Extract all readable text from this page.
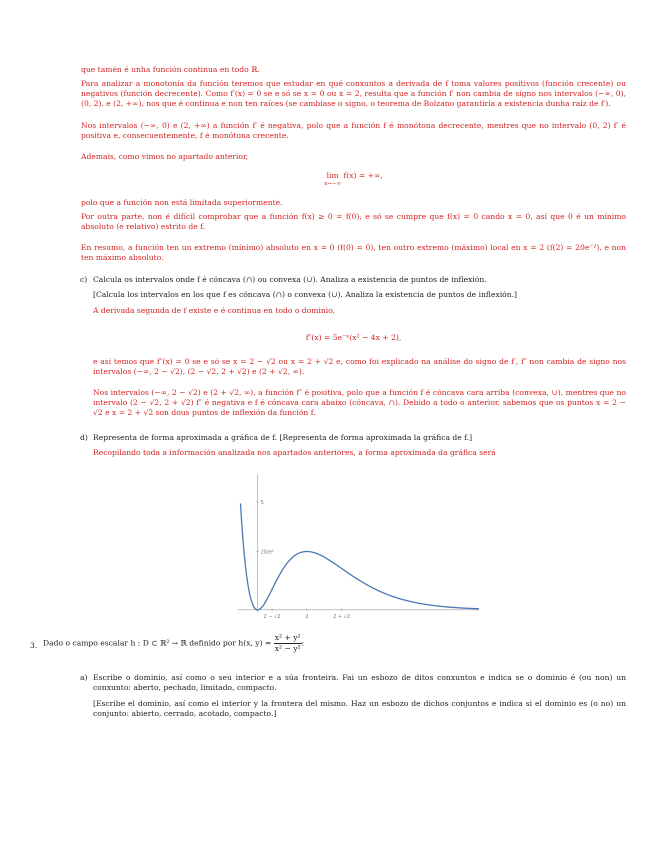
que tamén é unha función continua en todo ℝ.
Para analizar a monotonía da función teremos que estudar en qué conxuntos a derivada de f toma valores positivos (función crecente) ou negativos (función decrecente). Como f′(x) = 0 se e só se x = 0 ou x = 2, resulta que a función f′ non cambia de signo nos intervalos (−∞, 0), (0, 2), e (2, +∞), nos que é continua e non ten raíces (se cambiase o signo, o teorema de Bolzano garantiría a existencia dunha raíz de f′).
Nos intervalos (−∞, 0) e (2, +∞) a función f′ é negativa, polo que a función f é monótona decrecente, mentres que no intervalo (0, 2) f′ é positiva e, consecuentemente, f é monótona crecente.
Ademais, como vimos no apartado anterior,
lim
x→−∞
f(x) = +∞,
polo que a función non está limitada superiormente.
Por outra parte, non é difícil comprobar que a función f(x) ≥ 0 = f(0), e só se cumpre que f(x) = 0 cando x = 0, así que 0 é un mínimo absoluto (e relativo) estrito de f.
En resumo, a función ten un extremo (mínimo) absoluto en x = 0 (f(0) = 0), ten outro extremo (máximo) local en x = 2 (f(2) = 20e⁻²), e non ten máximo absoluto.
c) Calcula os intervalos onde f é cóncava (∩) ou convexa (∪). Analiza a existencia de puntos de inflexión.
[Calcula los intervalos en los que f es cóncava (∩) o convexa (∪). Analiza la existencia de puntos de inflexión.]
A derivada segunda de f existe e é continua en todo o dominio,
f″(x) = 5e⁻ˣ(x² − 4x + 2),
e así temos que f″(x) = 0 se e só se x = 2 − √2 ou x = 2 + √2 e, como foi explicado na análise do signo de f′, f″ non cambia de signo nos intervalos (−∞, 2 − √2), (2 − √2, 2 + √2) e (2 + √2, ∞).
Nos intervalos (−∞, 2 − √2) e (2 + √2, ∞), a función f″ é positiva, polo que a función f é cóncava cara arriba (convexa, ∪), mentres que no intervalo (2 − √2, 2 + √2) f″ é negativa e f é cóncava cara abaixo (cóncava, ∩). Debido a todo o anterior, sabemos que os puntos x = 2 − √2 e x = 2 + √2 son dous puntos de inflexión da función f.
d) Representa de forma aproximada a gráfica de f. [Representa de forma aproximada la gráfica de f.]
Recopilando toda a información analizada nos apartados anteriores, a forma aproximada da gráfica será
2 − √2	2	2 + √2
5
20/e²
3. Dado o campo escalar h : D ⊂ ℝ² → ℝ definido por h(x, $y) = \frac{\text{x² + y²}}{\text{x² − y²}}$ :
a) Escribe o dominio, así como o seu interior e a súa fronteira. Fai un esbozo de ditos conxuntos e indica se o dominio é (ou non) un conxunto: aberto, pechado, limitado, compacto.
[Escribe el dominio, así como el interior y la frontera del mismo. Haz un esbozo de dichos conjuntos e indica si el dominio es (o no) un conjunto: abierto, cerrado, acotado, compacto.]
